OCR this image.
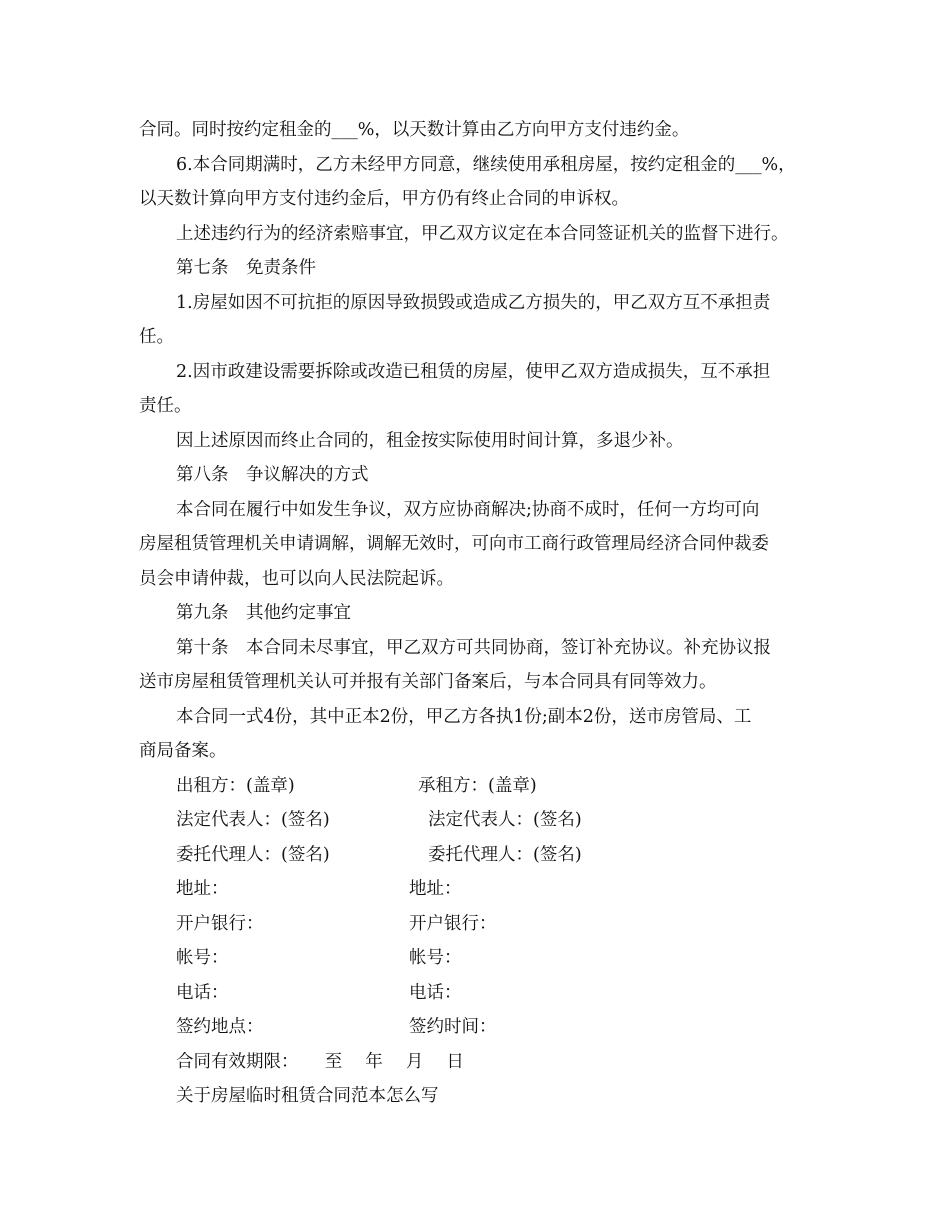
合同。同时按约定租金的___%，以天数计算由乙方向甲方支付违约金。
6.本合同期满时，乙方未经甲方同意，继续使用承租房屋，按约定租金的___%，
以天数计算向甲方支付违约金后，甲方仍有终止合同的申诉权。
上述违约行为的经济索赔事宜，甲乙双方议定在本合同签证机关的监督下进行。
第七条　免责条件
1.房屋如因不可抗拒的原因导致损毁或造成乙方损失的，甲乙双方互不承担责
任。
2.因市政建设需要拆除或改造已租赁的房屋，使甲乙双方造成损失，互不承担
责任。
因上述原因而终止合同的，租金按实际使用时间计算，多退少补。
第八条　争议解决的方式
本合同在履行中如发生争议，双方应协商解决;协商不成时，任何一方均可向
房屋租赁管理机关申请调解，调解无效时，可向市工商行政管理局经济合同仲裁委
员会申请仲裁，也可以向人民法院起诉。
第九条　其他约定事宜
第十条　本合同未尽事宜，甲乙双方可共同协商，签订补充协议。补充协议报
送市房屋租赁管理机关认可并报有关部门备案后，与本合同具有同等效力。
本合同一式4份，其中正本2份，甲乙方各执1份;副本2份，送市房管局、工
商局备案。
出租方：(盖章)
法定代表人：(签名)
委托代理人：(签名)
地址：
开户银行：
帐号：
电话：
签约地点：
承租方：(盖章)
法定代表人：(签名)
委托代理人：(签名)
地址：
开户银行：
帐号：
电话：
签约时间：
合同有效期限：　　至　 年　 月　 日
关于房屋临时租赁合同范本怎么写
